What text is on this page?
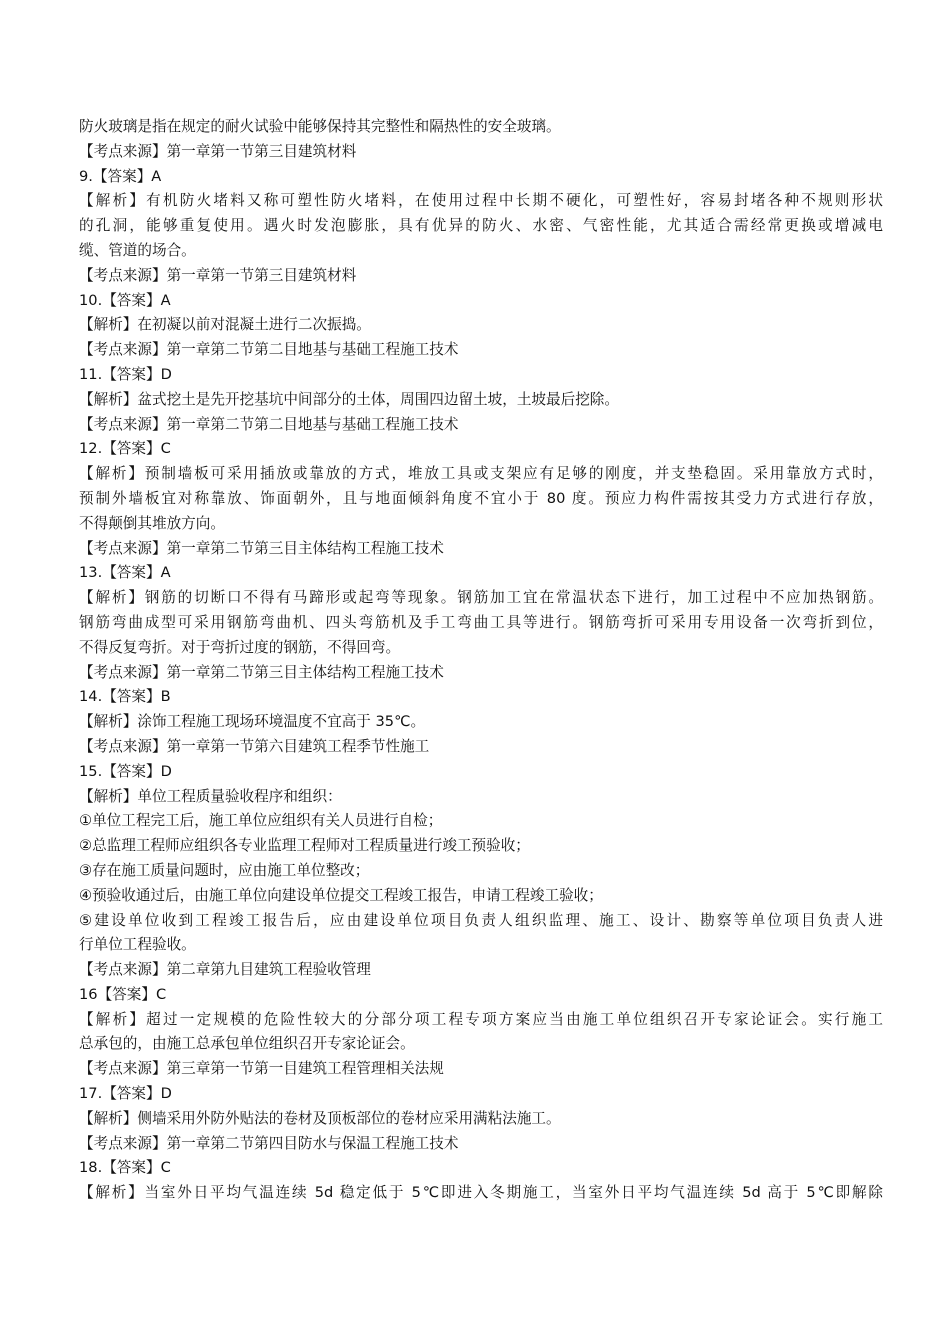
防火玻璃是指在规定的耐火试验中能够保持其完整性和隔热性的安全玻璃。
【考点来源】第一章第一节第三目建筑材料
9.【答案】A
【解析】有机防火堵料又称可塑性防火堵料，在使用过程中长期不硬化，可塑性好，容易封堵各种不规则形状
的孔洞，能够重复使用。遇火时发泡膨胀，具有优异的防火、水密、气密性能，尤其适合需经常更换或增减电
缆、管道的场合。
【考点来源】第一章第一节第三目建筑材料
10.【答案】A
【解析】在初凝以前对混凝土进行二次振捣。
【考点来源】第一章第二节第二目地基与基础工程施工技术
11.【答案】D
【解析】盆式挖土是先开挖基坑中间部分的土体，周围四边留土坡，土坡最后挖除。
【考点来源】第一章第二节第二目地基与基础工程施工技术
12.【答案】C
【解析】预制墙板可采用插放或靠放的方式，堆放工具或支架应有足够的刚度，并支垫稳固。采用靠放方式时，
预制外墙板宜对称靠放、饰面朝外，且与地面倾斜角度不宜小于 80 度。预应力构件需按其受力方式进行存放，
不得颠倒其堆放方向。
【考点来源】第一章第二节第三目主体结构工程施工技术
13.【答案】A
【解析】钢筋的切断口不得有马蹄形或起弯等现象。钢筋加工宜在常温状态下进行，加工过程中不应加热钢筋。
钢筋弯曲成型可采用钢筋弯曲机、四头弯筋机及手工弯曲工具等进行。钢筋弯折可采用专用设备一次弯折到位，
不得反复弯折。对于弯折过度的钢筋，不得回弯。
【考点来源】第一章第二节第三目主体结构工程施工技术
14.【答案】B
【解析】涂饰工程施工现场环境温度不宜高于 35℃。
【考点来源】第一章第一节第六目建筑工程季节性施工
15.【答案】D
【解析】单位工程质量验收程序和组织：
①单位工程完工后，施工单位应组织有关人员进行自检；
②总监理工程师应组织各专业监理工程师对工程质量进行竣工预验收；
③存在施工质量问题时，应由施工单位整改；
④预验收通过后，由施工单位向建设单位提交工程竣工报告，申请工程竣工验收；
⑤建设单位收到工程竣工报告后，应由建设单位项目负责人组织监理、施工、设计、勘察等单位项目负责人进
行单位工程验收。
【考点来源】第二章第九目建筑工程验收管理
16【答案】C
【解析】超过一定规模的危险性较大的分部分项工程专项方案应当由施工单位组织召开专家论证会。实行施工
总承包的，由施工总承包单位组织召开专家论证会。
【考点来源】第三章第一节第一目建筑工程管理相关法规
17.【答案】D
【解析】侧墙采用外防外贴法的卷材及顶板部位的卷材应采用满粘法施工。
【考点来源】第一章第二节第四目防水与保温工程施工技术
18.【答案】C
【解析】当室外日平均气温连续 5d 稳定低于 5℃即进入冬期施工，当室外日平均气温连续 5d 高于 5℃即解除
